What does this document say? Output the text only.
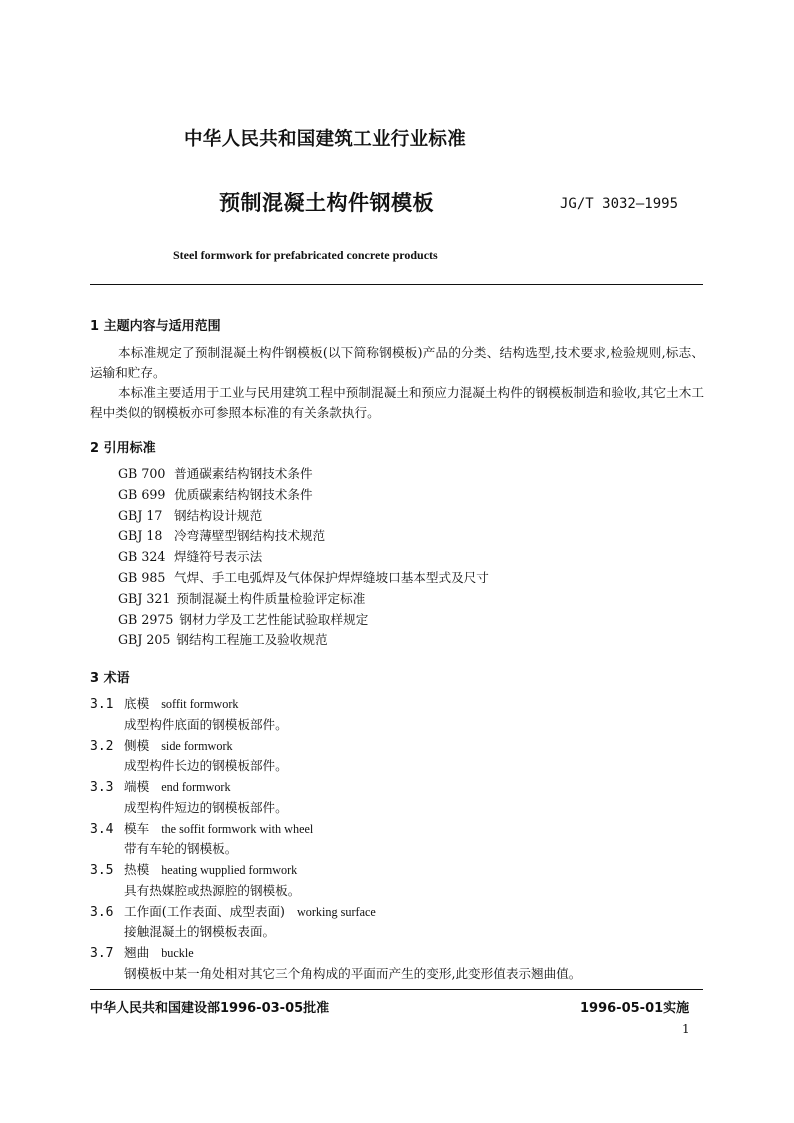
中华人民共和国建筑工业行业标准
预制混凝土构件钢模板	JG/T 3032—1995
Steel formwork for prefabricated concrete products
1 主题内容与适用范围

本标准规定了预制混凝土构件钢模板(以下简称钢模板)产品的分类、结构选型,技术要求,检验规则,标志、运输和贮存。

本标准主要适用于工业与民用建筑工程中预制混凝土和预应力混凝土构件的钢模板制造和验收,其它土木工程中类似的钢模板亦可参照本标准的有关条款执行。

2 引用标准
GB 700 普通碳素结构钢技术条件
GB 699 优质碳素结构钢技术条件
GBJ 17 钢结构设计规范
GBJ 18 冷弯薄壁型钢结构技术规范
GB 324 焊缝符号表示法
GB 985 气焊、手工电弧焊及气体保护焊焊缝坡口基本型式及尺寸
GBJ 321 预制混凝土构件质量检验评定标准
GB 2975 钢材力学及工艺性能试验取样规定
GBJ 205 钢结构工程施工及验收规范
3 术语
3.1 底模 soffit formwork
成型构件底面的钢模板部件。
3.2 侧模 side formwork
成型构件长边的钢模板部件。
3.3 端模 end formwork
成型构件短边的钢模板部件。
3.4 模车 the soffit formwork with wheel
带有车轮的钢模板。
3.5 热模 heating wupplied formwork
具有热媒腔或热源腔的钢模板。
3.6 工作面(工作表面、成型表面) working surface
接触混凝土的钢模板表面。
3.7 翘曲 buckle
钢模板中某一角处相对其它三个角构成的平面而产生的变形,此变形值表示翘曲值。
中华人民共和国建设部1996-03-05批准	1996-05-01实施
1
